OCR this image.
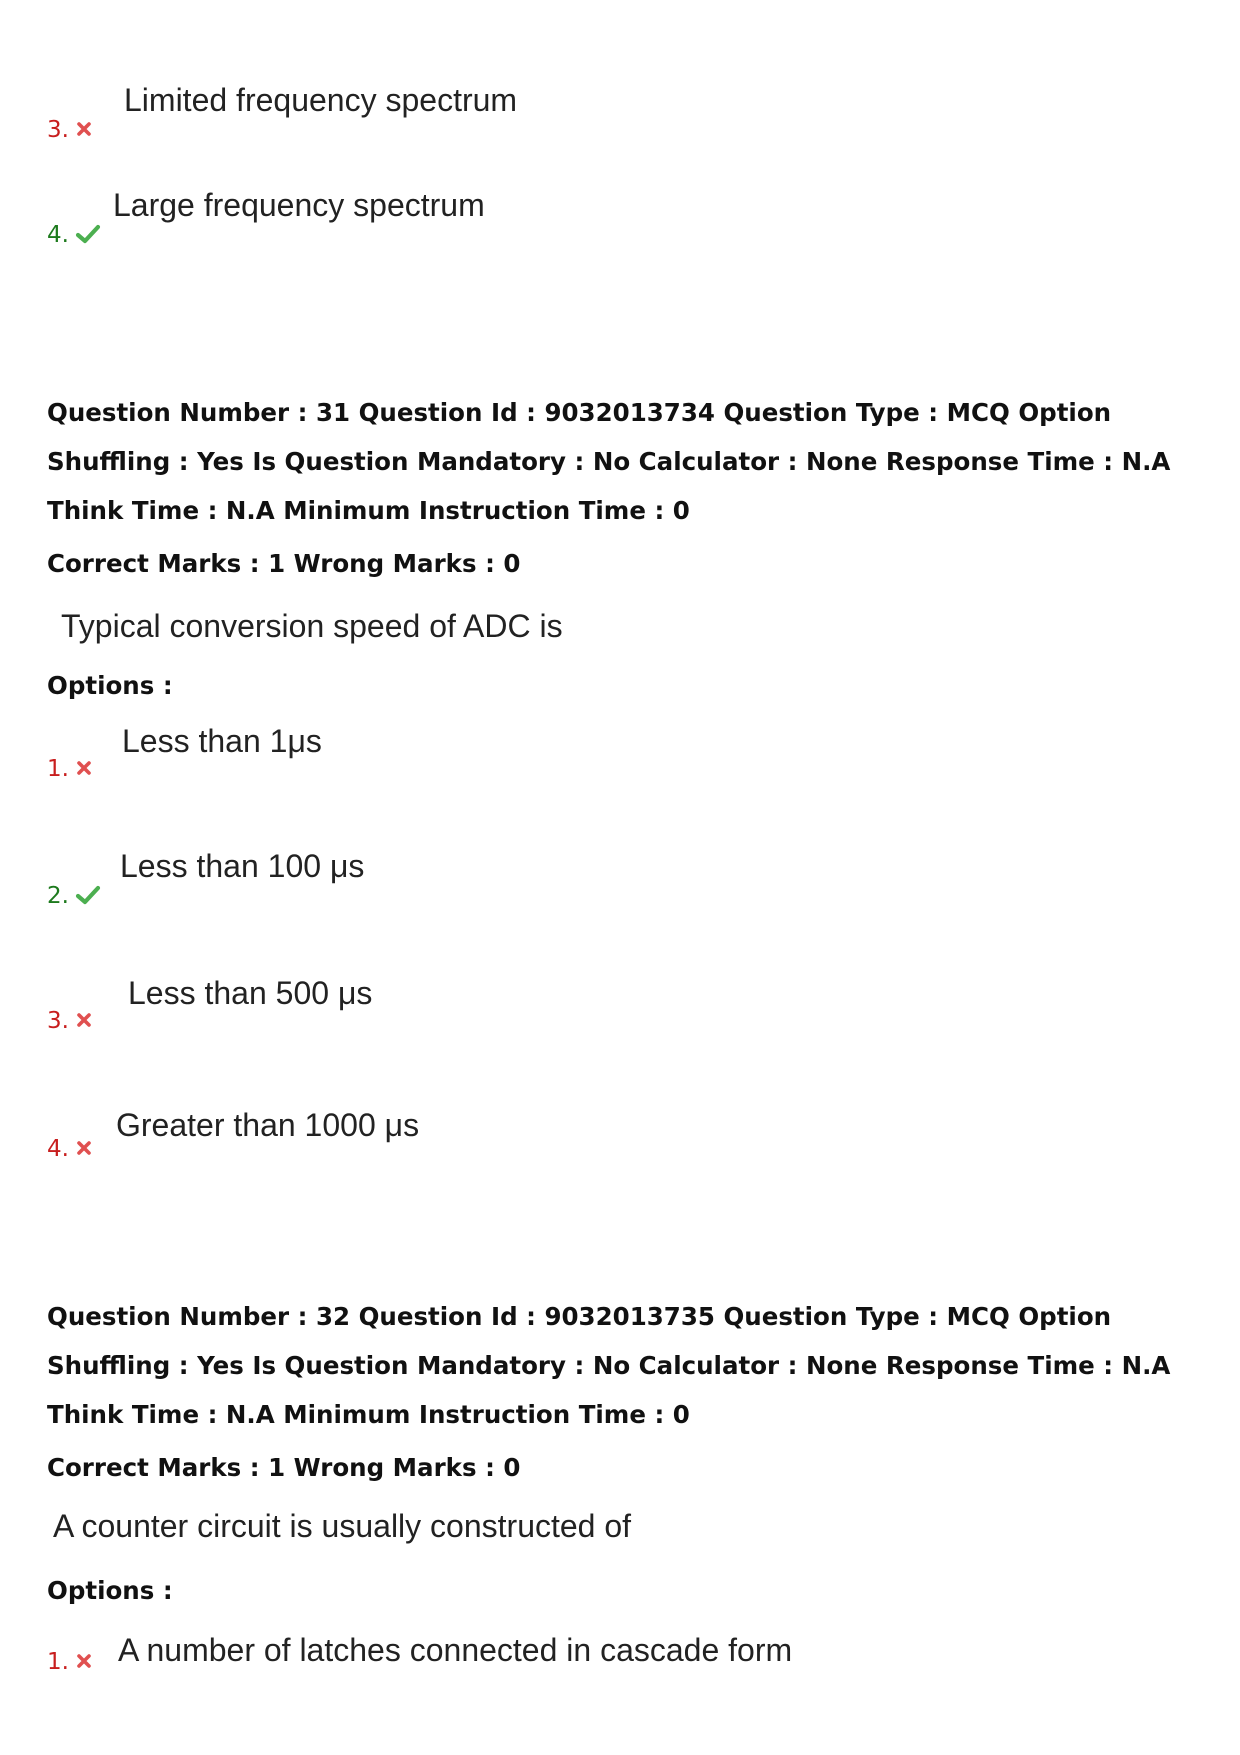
3.
Limited frequency spectrum
4.
Large frequency spectrum
Question Number : 31 Question Id : 9032013734 Question Type : MCQ Option Shuffling : Yes Is Question Mandatory : No Calculator : None Response Time : N.A Think Time : N.A Minimum Instruction Time : 0
Correct Marks : 1 Wrong Marks : 0
Typical conversion speed of ADC is
Options :
1.
Less than 1μs
2.
Less than 100 μs
3.
Less than 500 μs
4.
Greater than 1000 μs
Question Number : 32 Question Id : 9032013735 Question Type : MCQ Option Shuffling : Yes Is Question Mandatory : No Calculator : None Response Time : N.A Think Time : N.A Minimum Instruction Time : 0
Correct Marks : 1 Wrong Marks : 0
A counter circuit is usually constructed of
Options :
1. A number of latches connected in cascade form
